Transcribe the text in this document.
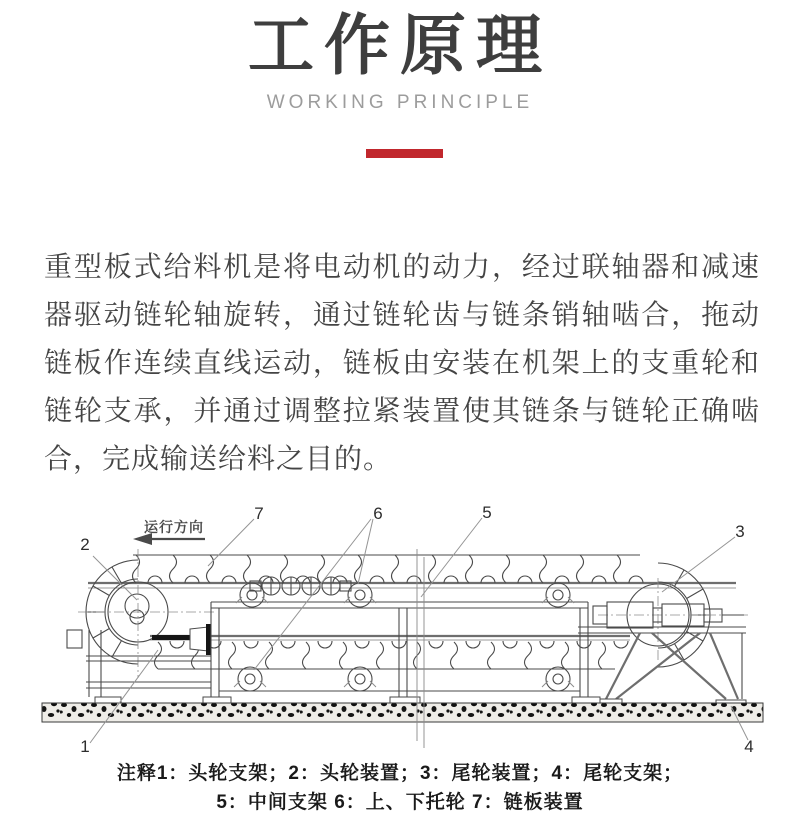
工作原理
WORKING PRINCIPLE

重型板式给料机是将电动机的动力，经过联轴器和减速器驱动链轮轴旋转，通过链轮齿与链条销轴啮合，拖动链板作连续直线运动，链板由安装在机架上的支重轮和链轮支承，并通过调整拉紧装置使其链条与链轮正确啮合，完成输送给料之目的。

1
2
3
4
5
6
7
运行方向
注释1：头轮支架；2：头轮装置；3：尾轮装置；4：尾轮支架；
5：中间支架 6：上、下托轮 7：链板装置
